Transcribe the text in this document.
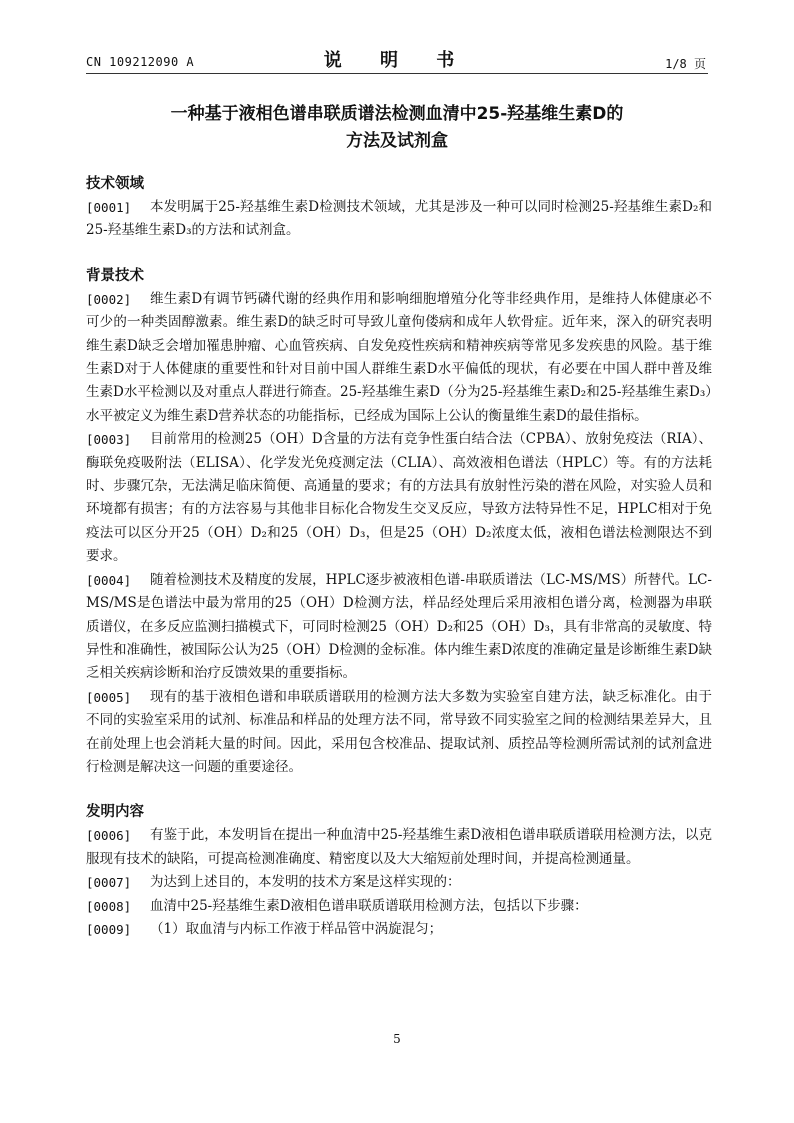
CN 109212090 A	说 明 书	1/8 页
一种基于液相色谱串联质谱法检测血清中25-羟基维生素D的
方法及试剂盒
技术领域
[ 0001 ]	本发明属于25-羟基维生素D检测技术领域，尤其是涉及一种可以同时检测25-羟基维生素D₂和25-羟基维生素D₃的方法和试剂盒。
背景技术
[ 0002 ]	维生素D有调节钙磷代谢的经典作用和影响细胞增殖分化等非经典作用，是维持人体健康必不可少的一种类固醇激素。维生素D的缺乏时可导致儿童佝偻病和成年人软骨症。近年来，深入的研究表明维生素D缺乏会增加罹患肿瘤、心血管疾病、自发免疫性疾病和精神疾病等常见多发疾患的风险。基于维生素D对于人体健康的重要性和针对目前中国人群维生素D水平偏低的现状，有必要在中国人群中普及维生素D水平检测以及对重点人群进行筛查。25-羟基维生素D（分为25-羟基维生素D₂和25-羟基维生素D₃）水平被定义为维生素D营养状态的功能指标，已经成为国际上公认的衡量维生素D的最佳指标。
[ 0003 ]	目前常用的检测25（OH）D含量的方法有竞争性蛋白结合法（CPBA）、放射免疫法（RIA）、酶联免疫吸附法（ELISA）、化学发光免疫测定法（CLIA）、高效液相色谱法（HPLC）等。有的方法耗时、步骤冗杂，无法满足临床简便、高通量的要求；有的方法具有放射性污染的潜在风险，对实验人员和环境都有损害；有的方法容易与其他非目标化合物发生交叉反应，导致方法特异性不足，HPLC相对于免疫法可以区分开25（OH）D₂和25（OH）D₃，但是25（OH）D₂浓度太低，液相色谱法检测限达不到要求。
[ 0004 ]	随着检测技术及精度的发展，HPLC逐步被液相色谱-串联质谱法（LC-MS/MS）所替代。LC-MS/MS是色谱法中最为常用的25（OH）D检测方法，样品经处理后采用液相色谱分离，检测器为串联质谱仪，在多反应监测扫描模式下，可同时检测25（OH）D₂和25（OH）D₃，具有非常高的灵敏度、特异性和准确性，被国际公认为25（OH）D检测的金标准。体内维生素D浓度的准确定量是诊断维生素D缺乏相关疾病诊断和治疗反馈效果的重要指标。
[ 0005 ]	现有的基于液相色谱和串联质谱联用的检测方法大多数为实验室自建方法，缺乏标准化。由于不同的实验室采用的试剂、标准品和样品的处理方法不同，常导致不同实验室之间的检测结果差异大，且在前处理上也会消耗大量的时间。因此，采用包含校准品、提取试剂、质控品等检测所需试剂的试剂盒进行检测是解决这一问题的重要途径。
发明内容
[ 0006 ]	有鉴于此，本发明旨在提出一种血清中25-羟基维生素D液相色谱串联质谱联用检测方法，以克服现有技术的缺陷，可提高检测准确度、精密度以及大大缩短前处理时间，并提高检测通量。
[ 0007 ]	为达到上述目的，本发明的技术方案是这样实现的：
[ 0008 ]	血清中25-羟基维生素D液相色谱串联质谱联用检测方法，包括以下步骤：
[ 0009 ]	（1）取血清与内标工作液于样品管中涡旋混匀；
5
